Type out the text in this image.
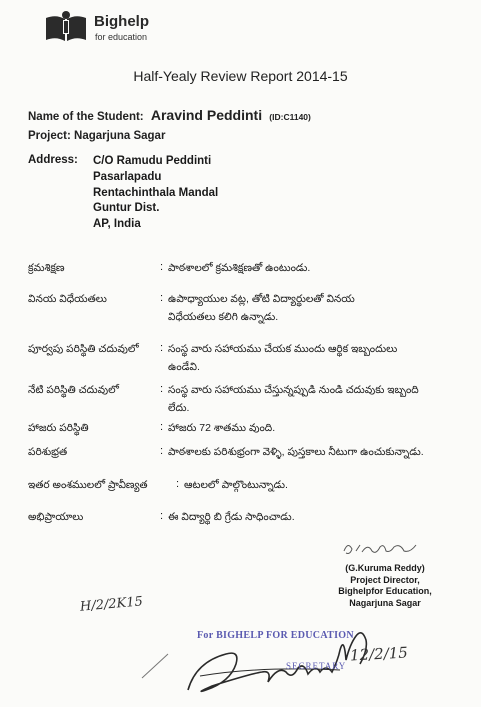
Bighelp
for education
Half-Yealy Review Report 2014-15
Name of the Student: Aravind Peddinti (ID:C1140)
Project: Nagarjuna Sagar
Address: C/O Ramudu Peddinti
Pasarlapadu
Rentachinthala Mandal
Guntur Dist.
AP, India
క్రమశిక్షణ	: పాఠశాలలో క్రమశిక్షణతో ఉంటుండు.
వినయ విధేయతలు	: ఉపాధ్యాయుల వట్ల, తోటి విద్యార్థులతో వినయ విధేయతలు కలిగి ఉన్నాడు.
పూర్వపు పరిస్థితి చదువులో : సంస్థ వారు సహాయము చేయక ముందు ఆర్థిక ఇబ్బందులు ఉండేవి.
నేటి పరిస్థితి చదువులో	: సంస్థ వారు సహాయము చేస్తున్నప్పుడి నుండి చదువుకు ఇబ్బంది లేదు.
హాజరు పరిస్థితి	: హాజరు 72 శాతము వుంది.
పరిశుభ్రత	: పాఠశాలకు పరిశుభ్రంగా వెళ్ళి, పుస్తకాలు నీటుగా ఉంచుకున్నాడు.
ఇతర అంశములలో ప్రావీణ్యత	: ఆటలలో పాల్గొంటున్నాడు.
అభిప్రాయాలు	: ఈ విద్యార్థి బి గ్రేడు సాధించాడు.
(G.Kuruma Reddy)
Project Director,
Bighelpfor Education,
Nagarjuna Sagar
H/2/2K15
For BIGHELP FOR EDUCATION
SECRETARY
12/2/15
